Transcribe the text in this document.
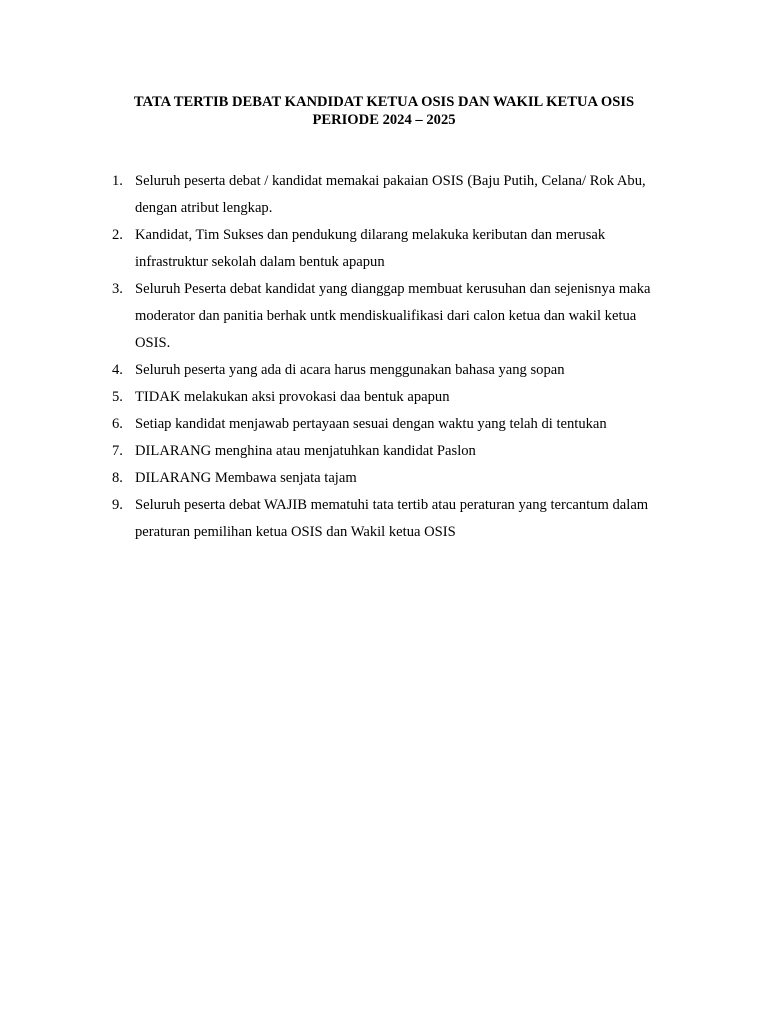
TATA TERTIB DEBAT KANDIDAT KETUA OSIS DAN WAKIL KETUA OSIS
PERIODE 2024 – 2025
1. Seluruh peserta debat / kandidat memakai pakaian OSIS (Baju Putih, Celana/ Rok Abu,
dengan atribut lengkap.
2. Kandidat, Tim Sukses dan pendukung dilarang melakuka keributan dan merusak
infrastruktur sekolah dalam bentuk apapun
3. Seluruh Peserta debat kandidat yang dianggap membuat kerusuhan dan sejenisnya maka
moderator dan panitia berhak untk mendiskualifikasi dari calon ketua dan wakil ketua
OSIS.
4. Seluruh peserta yang ada di acara harus menggunakan bahasa yang sopan
5. TIDAK melakukan aksi provokasi daa bentuk apapun
6. Setiap kandidat menjawab pertayaan sesuai dengan waktu yang telah di tentukan
7. DILARANG menghina atau menjatuhkan kandidat Paslon
8. DILARANG Membawa senjata tajam
9. Seluruh peserta debat WAJIB mematuhi tata tertib atau peraturan yang tercantum dalam
peraturan pemilihan ketua OSIS dan Wakil ketua OSIS
